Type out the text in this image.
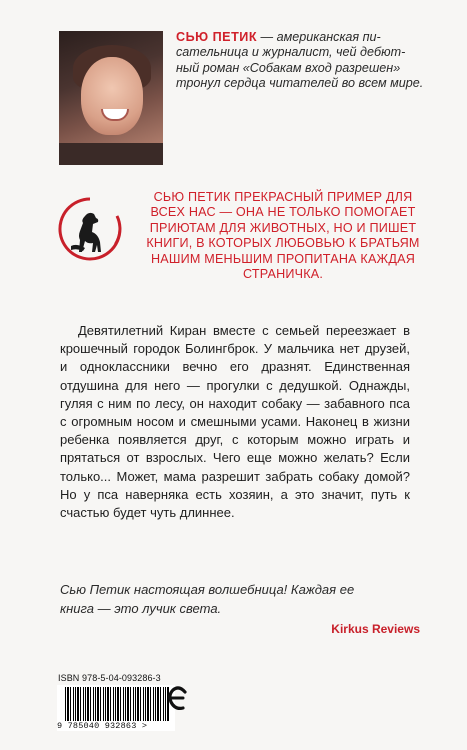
СЬЮ ПЕТИК — американская пи-
сательница и журналист, чей дебют-
ный роман «Собакам вход разрешен»
тронул сердца читателей во всем мире.
СЬЮ ПЕТИК ПРЕКРАСНЫЙ ПРИМЕР ДЛЯ
ВСЕХ НАС — ОНА НЕ ТОЛЬКО ПОМОГАЕТ
ПРИЮТАМ ДЛЯ ЖИВОТНЫХ, НО И ПИШЕТ
КНИГИ, В КОТОРЫХ ЛЮБОВЬЮ К БРАТЬЯМ
НАШИМ МЕНЬШИМ ПРОПИТАНА КАЖДАЯ
СТРАНИЧКА.

Девятилетний Киран вместе с семьей переезжает в крошечный городок Болингброк. У мальчика нет друзей, и одноклассники вечно его дразнят. Единственная отдушина для него — прогулки с дедушкой. Однажды, гуляя с ним по лесу, он находит собаку — забавного пса с огромным носом и смешными усами. Наконец в жизни ребенка появляется друг, с которым можно играть и прятаться от взрослых. Чего еще можно желать? Если только... Может, мама разрешит забрать собаку домой? Но у пса наверняка есть хозяин, а это значит, путь к счастью будет чуть длиннее.

Сью Петик настоящая волшебница! Каждая ее
книга — это лучик света.
Kirkus Reviews
ISBN 978-5-04-093286-3
9 785040 932863 >
